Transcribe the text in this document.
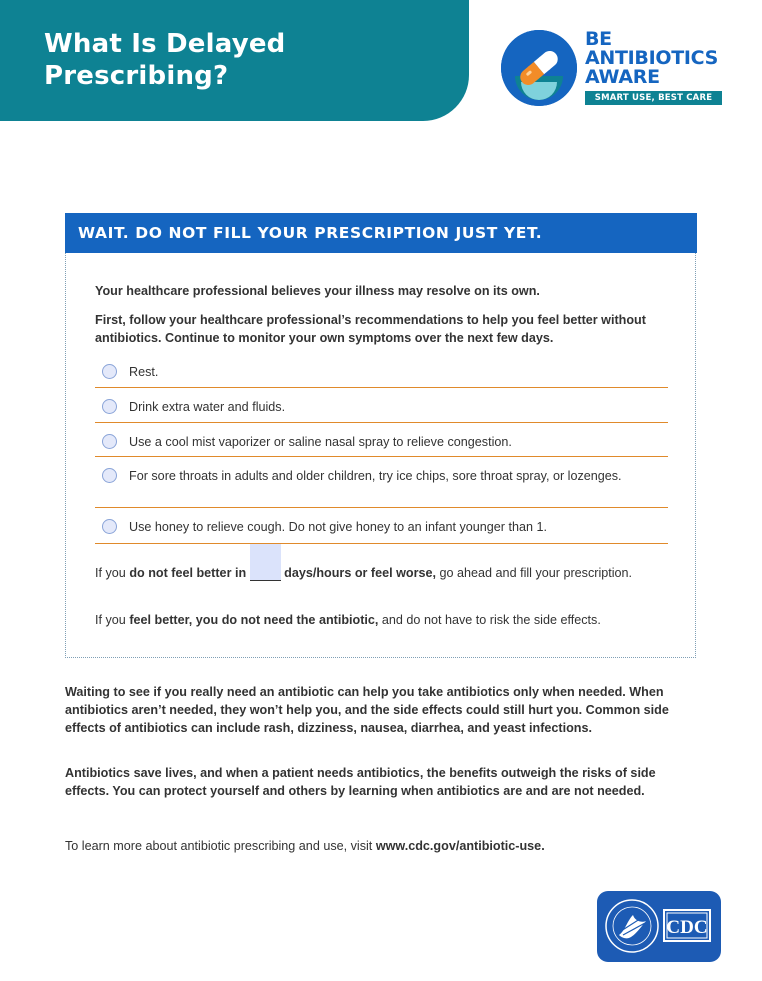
What Is Delayed
Prescribing?
BE
ANTIBIOTICS
AWARE
SMART USE, BEST CARE
WAIT. DO NOT FILL YOUR PRESCRIPTION JUST YET.

Your healthcare professional believes your illness may resolve on its own.

First, follow your healthcare professional’s recommendations to help you feel better without antibiotics. Continue to monitor your own symptoms over the next few days.

Rest.
Drink extra water and fluids.
Use a cool mist vaporizer or saline nasal spray to relieve congestion.
For sore throats in adults and older children, try ice chips, sore throat spray, or lozenges.
Use honey to relieve cough. Do not give honey to an infant younger than 1.

If you do not feel better in	days/hours or feel worse, go ahead and fill your prescription.

If you feel better, you do not need the antibiotic, and do not have to risk the side effects.

Waiting to see if you really need an antibiotic can help you take antibiotics only when needed. When antibiotics aren’t needed, they won’t help you, and the side effects could still hurt you. Common side effects of antibiotics can include rash, dizziness, nausea, diarrhea, and yeast infections.

Antibiotics save lives, and when a patient needs antibiotics, the benefits outweigh the risks of side effects. You can protect yourself and others by learning when antibiotics are and are not needed.

To learn more about antibiotic prescribing and use, visit www.cdc.gov/antibiotic-use.

CDC
